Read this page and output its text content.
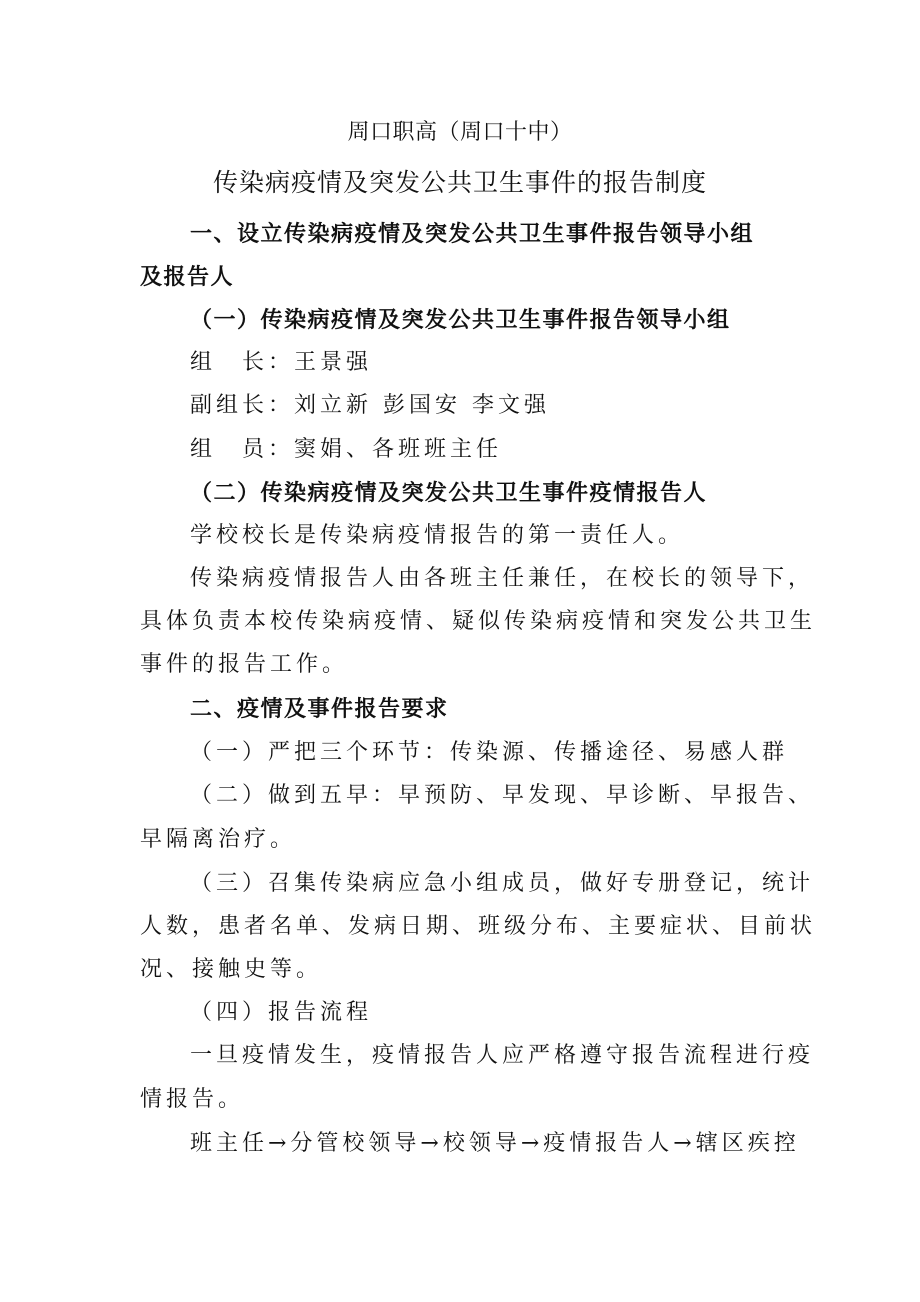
周口职高（周口十中）
传染病疫情及突发公共卫生事件的报告制度
一、设立传染病疫情及突发公共卫生事件报告领导小组
及报告人
（一）传染病疫情及突发公共卫生事件报告领导小组
组　长：王景强
副组长：刘立新 彭国安 李文强
组　员：窦娟、各班班主任
（二）传染病疫情及突发公共卫生事件疫情报告人
学校校长是传染病疫情报告的第一责任人。
传染病疫情报告人由各班主任兼任，在校长的领导下，
具体负责本校传染病疫情、疑似传染病疫情和突发公共卫生
事件的报告工作。
二、疫情及事件报告要求
（一）严把三个环节：传染源、传播途径、易感人群
（二）做到五早：早预防、早发现、早诊断、早报告、
早隔离治疗。
（三）召集传染病应急小组成员，做好专册登记，统计
人数，患者名单、发病日期、班级分布、主要症状、目前状
况、接触史等。
（四）报告流程
一旦疫情发生，疫情报告人应严格遵守报告流程进行疫
情报告。
班主任→分管校领导→校领导→疫情报告人→辖区疾控
